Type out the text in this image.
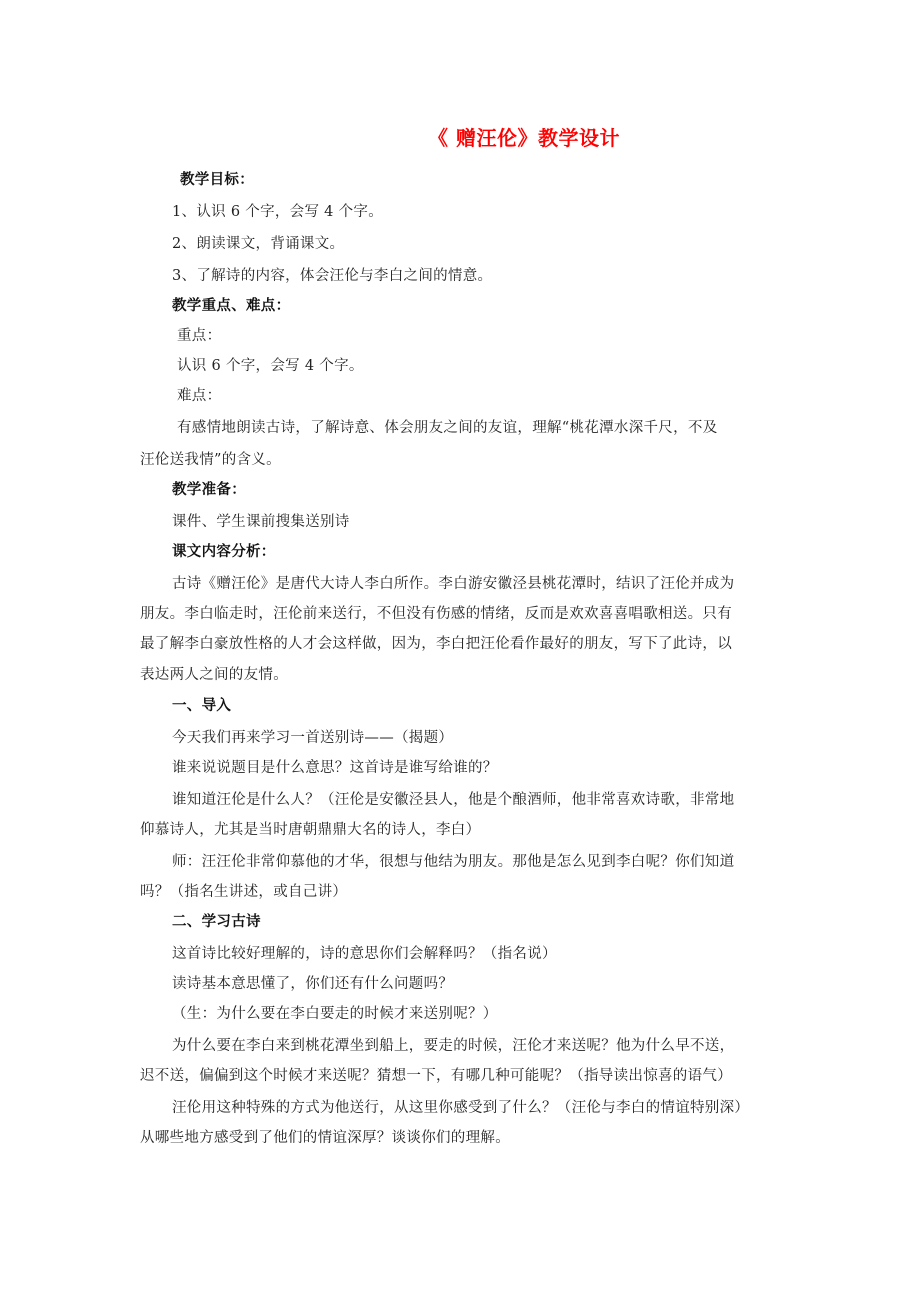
《 赠汪伦》教学设计
教学目标：
1、认识 6 个字，会写 4 个字。
2、朗读课文，背诵课文。
3、了解诗的内容，体会汪伦与李白之间的情意。
教学重点、难点：
重点：
认识 6 个字，会写 4 个字。
难点：
有感情地朗读古诗，了解诗意、体会朋友之间的友谊，理解“桃花潭水深千尺，不及
汪伦送我情”的含义。
教学准备：
课件、学生课前搜集送别诗
课文内容分析：
古诗《赠汪伦》是唐代大诗人李白所作。李白游安徽泾县桃花潭时，结识了汪伦并成为
朋友。李白临走时，汪伦前来送行，不但没有伤感的情绪，反而是欢欢喜喜唱歌相送。只有
最了解李白豪放性格的人才会这样做，因为，李白把汪伦看作最好的朋友，写下了此诗，以
表达两人之间的友情。
一、导入
今天我们再来学习一首送别诗——（揭题）
谁来说说题目是什么意思？这首诗是谁写给谁的？
谁知道汪伦是什么人？（汪伦是安徽泾县人，他是个酿酒师，他非常喜欢诗歌，非常地
仰慕诗人，尤其是当时唐朝鼎鼎大名的诗人，李白）
师：汪汪伦非常仰慕他的才华，很想与他结为朋友。那他是怎么见到李白呢？你们知道
吗？（指名生讲述，或自己讲）
二、学习古诗
这首诗比较好理解的，诗的意思你们会解释吗？（指名说）
读诗基本意思懂了，你们还有什么问题吗？
（生：为什么要在李白要走的时候才来送别呢？）
为什么要在李白来到桃花潭坐到船上，要走的时候，汪伦才来送呢？他为什么早不送，
迟不送，偏偏到这个时候才来送呢？猜想一下，有哪几种可能呢？（指导读出惊喜的语气）
汪伦用这种特殊的方式为他送行，从这里你感受到了什么？（汪伦与李白的情谊特别深）
从哪些地方感受到了他们的情谊深厚？谈谈你们的理解。
